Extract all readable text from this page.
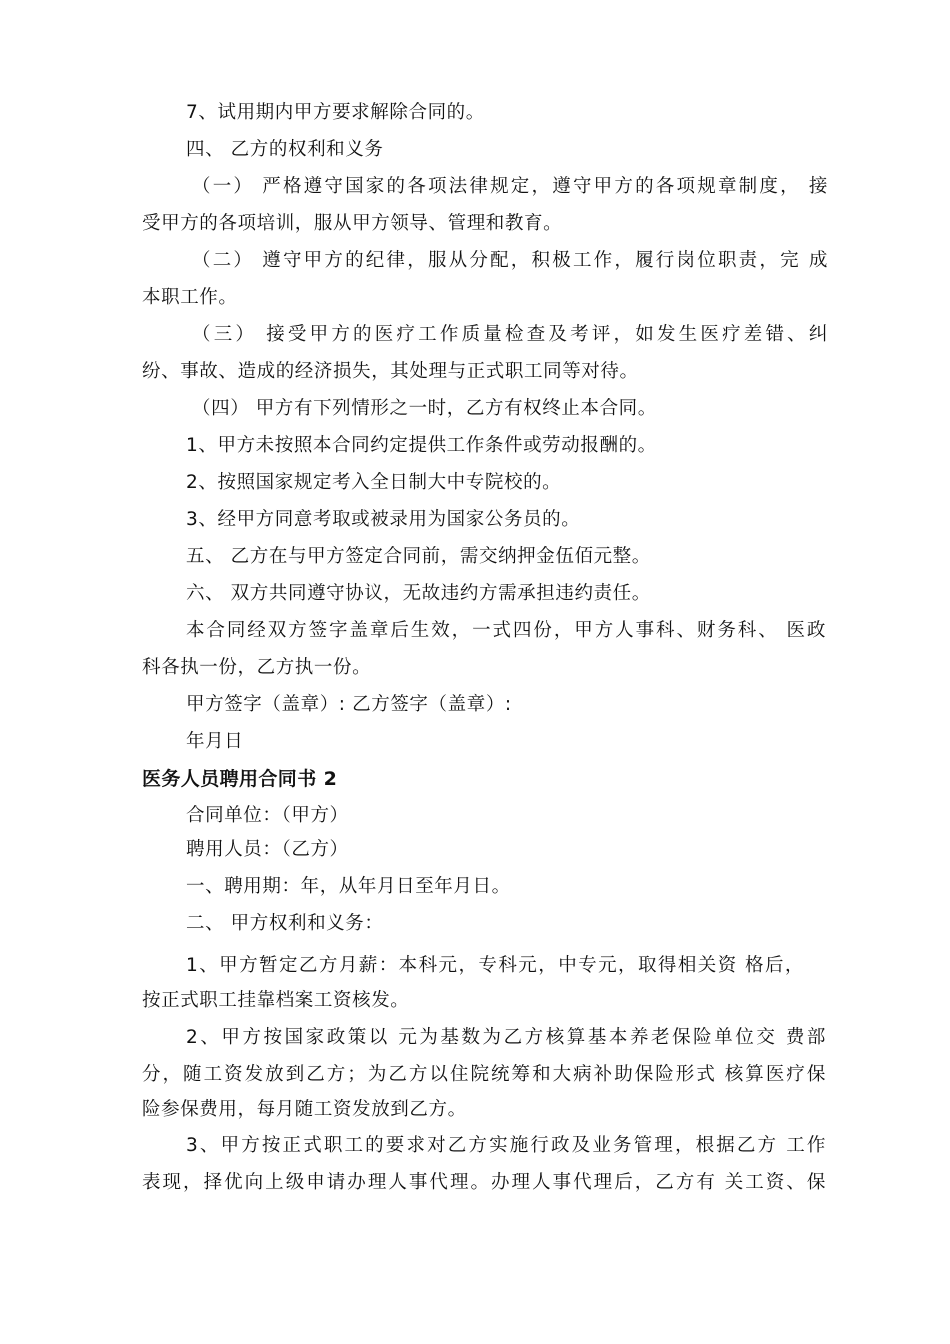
7、试用期内甲方要求解除合同的。

四、 乙方的权利和义务

（一） 严格遵守国家的各项法律规定，遵守甲方的各项规章制度， 接

受甲方的各项培训，服从甲方领导、管理和教育。

（二） 遵守甲方的纪律，服从分配，积极工作，履行岗位职责，完 成

本职工作。

（三） 接受甲方的医疗工作质量检查及考评，如发生医疗差错、纠

纷、事故、造成的经济损失，其处理与正式职工同等对待。

（四） 甲方有下列情形之一时，乙方有权终止本合同。

1、甲方未按照本合同约定提供工作条件或劳动报酬的。

2、按照国家规定考入全日制大中专院校的。

3、经甲方同意考取或被录用为国家公务员的。

五、 乙方在与甲方签定合同前，需交纳押金伍佰元整。

六、 双方共同遵守协议，无故违约方需承担违约责任。

本合同经双方签字盖章后生效，一式四份，甲方人事科、财务科、 医政

科各执一份，乙方执一份。

甲方签字（盖章）: 乙方签字（盖章）:

年月日

医务人员聘用合同书 2

合同单位：（甲方）

聘用人员：（乙方）

一、聘用期：年，从年月日至年月日。

二、 甲方权利和义务：

1、甲方暂定乙方月薪：本科元，专科元，中专元，取得相关资 格后，

按正式职工挂靠档案工资核发。

2、甲方按国家政策以 元为基数为乙方核算基本养老保险单位交 费部

分，随工资发放到乙方；为乙方以住院统筹和大病补助保险形式 核算医疗保

险参保费用，每月随工资发放到乙方。

3、甲方按正式职工的要求对乙方实施行政及业务管理，根据乙方 工作

表现，择优向上级申请办理人事代理。办理人事代理后，乙方有 关工资、保
